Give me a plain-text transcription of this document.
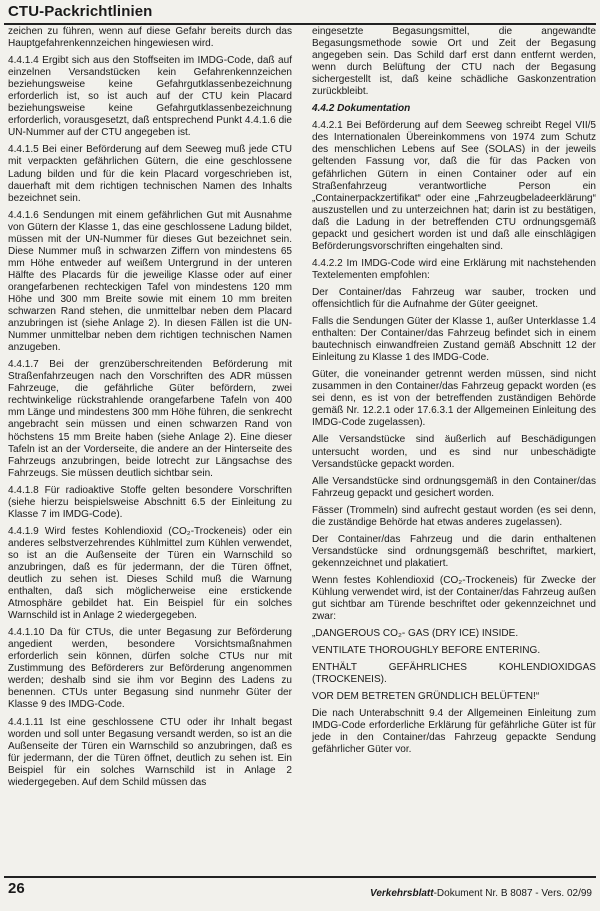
CTU-Packrichtlinien

zeichen zu führen, wenn auf diese Gefahr bereits durch das Hauptgefahrenkennzeichen hingewiesen wird.

4.4.1.4 Ergibt sich aus den Stoffseiten im IMDG-Code, daß auf einzelnen Versandstücken kein Gefahrenkennzeichen beziehungsweise keine Gefahrgutklassenbezeichnung erforderlich ist, so ist auch auf der CTU kein Placard beziehungsweise keine Gefahrgutklassenbezeichnung erforderlich, vorausgesetzt, daß entsprechend Punkt 4.4.1.6 die UN-Nummer auf der CTU angegeben ist.

4.4.1.5 Bei einer Beförderung auf dem Seeweg muß jede CTU mit verpackten gefährlichen Gütern, die eine geschlossene Ladung bilden und für die kein Placard vorgeschrieben ist, dauerhaft mit dem richtigen technischen Namen des Inhalts bezeichnet sein.

4.4.1.6 Sendungen mit einem gefährlichen Gut mit Ausnahme von Gütern der Klasse 1, das eine geschlossene Ladung bildet, müssen mit der UN-Nummer für dieses Gut bezeichnet sein. Diese Nummer muß in schwarzen Ziffern von mindestens 65 mm Höhe entweder auf weißem Untergrund in der unteren Hälfte des Placards für die jeweilige Klasse oder auf einer orangefarbenen rechteckigen Tafel von mindestens 120 mm Höhe und 300 mm Breite sowie mit einem 10 mm breiten schwarzen Rand stehen, die unmittelbar neben dem Placard anzubringen ist (siehe Anlage 2). In diesen Fällen ist die UN-Nummer unmittelbar neben dem richtigen technischen Namen anzugeben.

4.4.1.7 Bei der grenzüberschreitenden Beförderung mit Straßenfahrzeugen nach den Vorschriften des ADR müssen Fahrzeuge, die gefährliche Güter befördern, zwei rechtwinkelige rückstrahlende orangefarbene Tafeln von 400 mm Länge und mindestens 300 mm Höhe führen, die senkrecht angebracht sein müssen und einen schwarzen Rand von höchstens 15 mm Breite haben (siehe Anlage 2). Eine dieser Tafeln ist an der Vorderseite, die andere an der Hinterseite des Fahrzeugs anzubringen, beide lotrecht zur Längsachse des Fahrzeugs. Sie müssen deutlich sichtbar sein.

4.4.1.8 Für radioaktive Stoffe gelten besondere Vorschriften (siehe hierzu beispielsweise Abschnitt 6.5 der Einleitung zu Klasse 7 im IMDG-Code).

4.4.1.9 Wird festes Kohlendioxid (CO₂-Trockeneis) oder ein anderes selbstverzehrendes Kühlmittel zum Kühlen verwendet, so ist an die Außenseite der Türen ein Warnschild so anzubringen, daß es für jedermann, der die Türen öffnet, deutlich zu sehen ist. Dieses Schild muß die Warnung enthalten, daß sich möglicherweise eine erstickende Atmosphäre gebildet hat. Ein Beispiel für ein solches Warnschild ist in Anlage 2 wiedergegeben.

4.4.1.10 Da für CTUs, die unter Begasung zur Beförderung angedient werden, besondere Vorsichtsmaßnahmen erforderlich sein können, dürfen solche CTUs nur mit Zustimmung des Beförderers zur Beförderung angenommen werden; deshalb sind sie ihm vor Beginn des Ladens zu benennen. CTUs unter Begasung sind nunmehr Güter der Klasse 9 des IMDG-Code.

4.4.1.11 Ist eine geschlossene CTU oder ihr Inhalt begast worden und soll unter Begasung versandt werden, so ist an die Außenseite der Türen ein Warnschild so anzubringen, daß es für jedermann, der die Türen öffnet, deutlich zu sehen ist. Ein Beispiel für ein solches Warnschild ist in Anlage 2 wiedergegeben. Auf dem Schild müssen das

eingesetzte Begasungsmittel, die angewandte Begasungsmethode sowie Ort und Zeit der Begasung angegeben sein. Das Schild darf erst dann entfernt werden, wenn durch Belüftung der CTU nach der Begasung sichergestellt ist, daß keine schädliche Gaskonzentration zurückbleibt.

4.4.2 Dokumentation

4.4.2.1 Bei Beförderung auf dem Seeweg schreibt Regel VII/5 des Internationalen Übereinkommens von 1974 zum Schutz des menschlichen Lebens auf See (SOLAS) in der jeweils geltenden Fassung vor, daß die für das Packen von gefährlichen Gütern in einen Container oder auf ein Straßenfahrzeug verantwortliche Person ein „Containerpackzertifikat“ oder eine „Fahrzeugbeladeerklärung“ auszustellen und zu unterzeichnen hat; darin ist zu bestätigen, daß die Ladung in der betreffenden CTU ordnungsgemäß gepackt und gesichert worden ist und daß alle einschlägigen Beförderungsvorschriften eingehalten sind.

4.4.2.2 Im IMDG-Code wird eine Erklärung mit nachstehenden Textelementen empfohlen:

Der Container/das Fahrzeug war sauber, trocken und offensichtlich für die Aufnahme der Güter geeignet.

Falls die Sendungen Güter der Klasse 1, außer Unterklasse 1.4 enthalten: Der Container/das Fahrzeug befindet sich in einem bautechnisch einwandfreien Zustand gemäß Abschnitt 12 der Einleitung zu Klasse 1 des IMDG-Code.

Güter, die voneinander getrennt werden müssen, sind nicht zusammen in den Container/das Fahrzeug gepackt worden (es sei denn, es ist von der betreffenden zuständigen Behörde gemäß Nr. 12.2.1 oder 17.6.3.1 der Allgemeinen Einleitung des IMDG-Code zugelassen).

Alle Versandstücke sind äußerlich auf Beschädigungen untersucht worden, und es sind nur unbeschädigte Versandstücke gepackt worden.

Alle Versandstücke sind ordnungsgemäß in den Container/das Fahrzeug gepackt und gesichert worden.

Fässer (Trommeln) sind aufrecht gestaut worden (es sei denn, die zuständige Behörde hat etwas anderes zugelassen).

Der Container/das Fahrzeug und die darin enthaltenen Versandstücke sind ordnungsgemäß beschriftet, markiert, gekennzeichnet und plakatiert.

Wenn festes Kohlendioxid (CO₂-Trockeneis) für Zwecke der Kühlung verwendet wird, ist der Container/das Fahrzeug außen gut sichtbar am Türende beschriftet oder gekennzeichnet und zwar:

„DANGEROUS CO₂- GAS (DRY ICE) INSIDE.

VENTILATE THOROUGHLY BEFORE ENTERING.

ENTHÄLT GEFÄHRLICHES KOHLENDIOXIDGAS (TROCKENEIS).

VOR DEM BETRETEN GRÜNDLICH BELÜFTEN!“

Die nach Unterabschnitt 9.4 der Allgemeinen Einleitung zum IMDG-Code erforderliche Erklärung für gefährliche Güter ist für jede in den Container/das Fahrzeug gepackte Sendung gefährlicher Güter vor.

26	Verkehrsblatt-Dokument Nr. B 8087 - Vers. 02/99
